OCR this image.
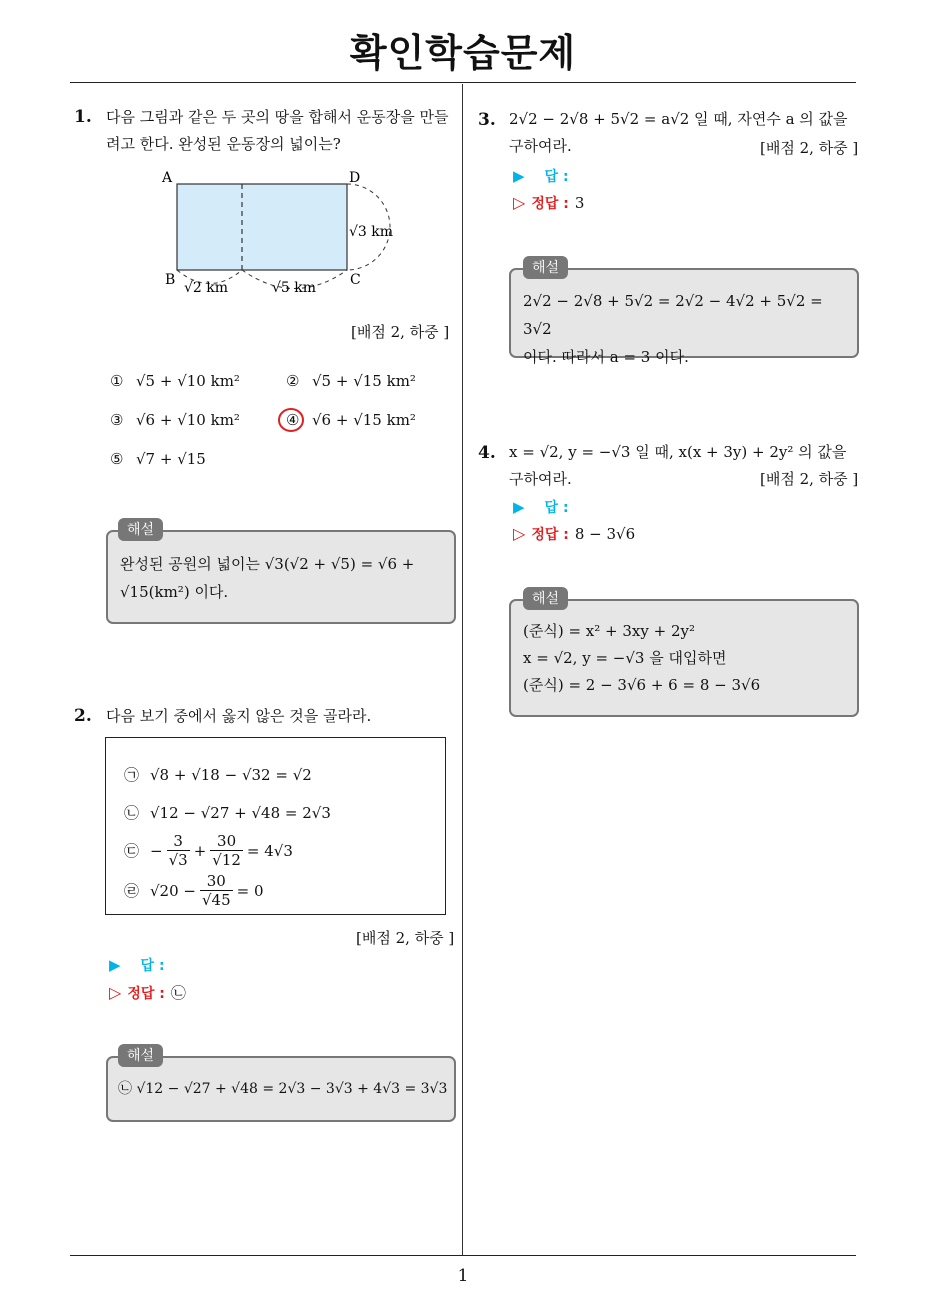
확인학습문제
1. 다음 그림과 같은 두 곳의 땅을 합해서 운동장을 만들
려고 한다. 완성된 운동장의 넓이는?
A	D
B	C
√3 km
√2 km	√5 km
[배점 2, 하중 ]
① √5 + √10 km²	② √5 + √15 km²
③ √6 + √10 km²	④ √6 + √15 km²
⑤ √7 + √15
완성된 공원의 넓이는 √3(√2 + √5) = √6 +
√15(km²) 이다.
해설
2. 다음 보기 중에서 옳지 않은 것을 골라라.
㉠ √8 + √18 − √32 = √2
㉡ √12 − √27 + √48 = 2√3
㉢ − $\frac{3}{√3} + \frac{30}{√12} = 4√3$
㉣ $√20 - \frac{30}{√45} = 0$
[배점 2, 하중 ]
▶ 답 :
▷ 정답 : ㉡
㉡ √12 − √27 + √48 = 2√3 − 3√3 + 4√3 = 3√3
해설
3. 2√2 − 2√8 + 5√2 = a√2 일 때, 자연수 a 의 값을
구하여라.	[배점 2, 하중 ]
▶ 답 :
▷ 정답 : 3
2√2 − 2√8 + 5√2 = 2√2 − 4√2 + 5√2 = 3√2
이다. 따라서 a = 3 이다.
해설
4. x = √2, y = −√3 일 때, x(x + 3y) + 2y² 의 값을
구하여라.	[배점 2, 하중 ]
▶ 답 :
▷ 정답 : 8 − 3√6
(준식) = x² + 3xy + 2y²
x = √2, y = −√3 을 대입하면
(준식) = 2 − 3√6 + 6 = 8 − 3√6
해설
1
